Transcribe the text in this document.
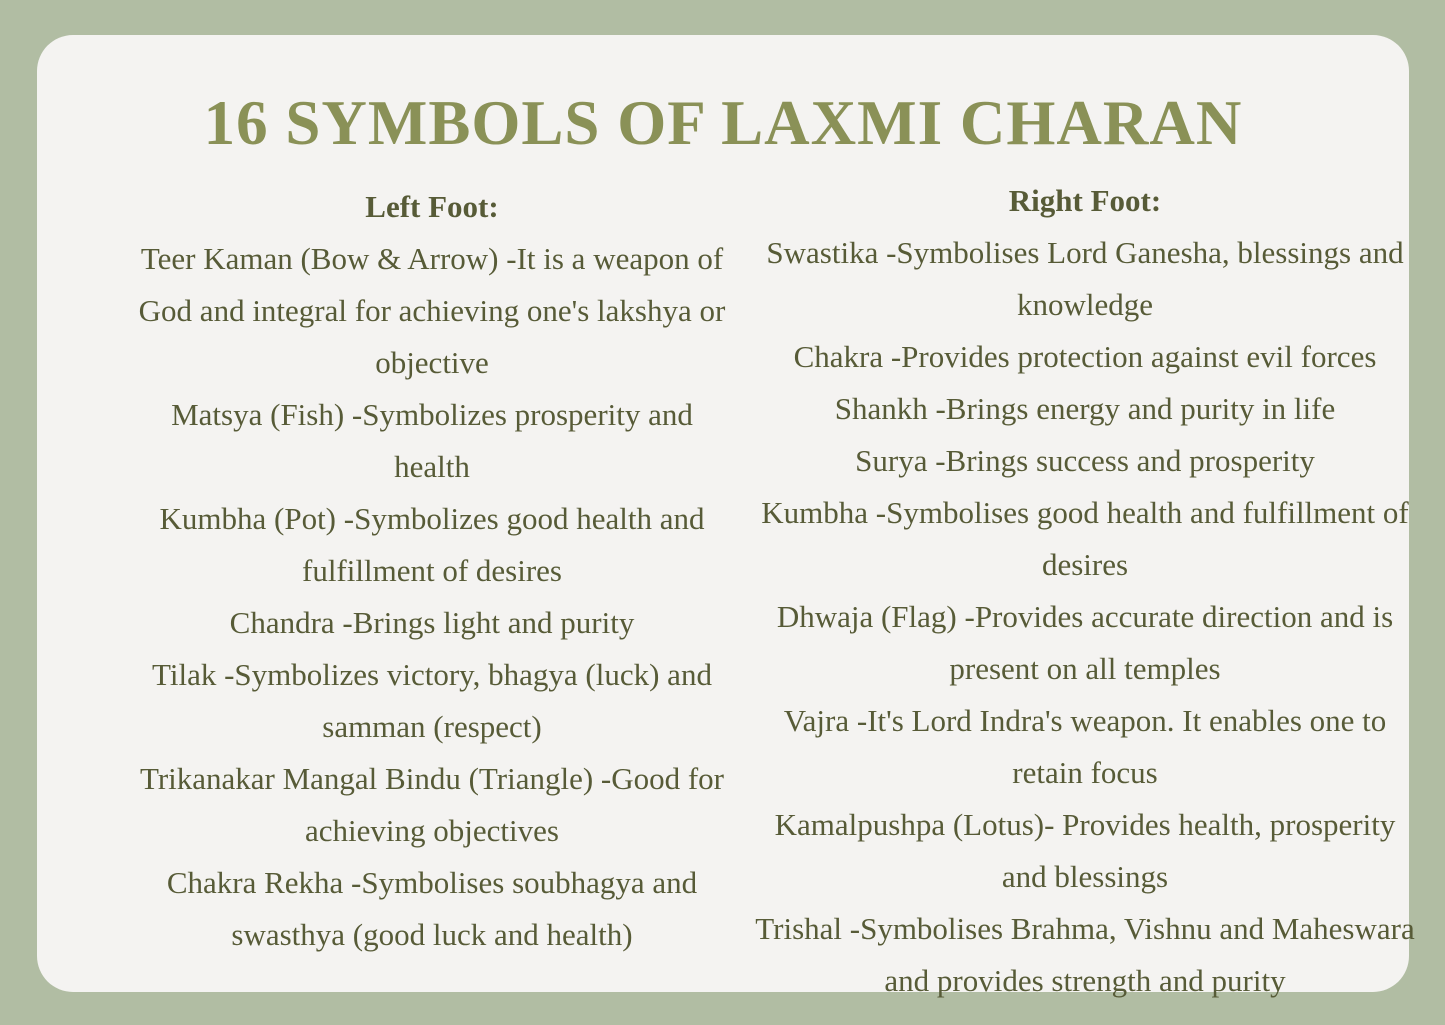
16 SYMBOLS OF LAXMI CHARAN
Left Foot:

Teer Kaman (Bow & Arrow) -It is a weapon of God and integral for achieving one's lakshya or objective

Matsya (Fish) -Symbolizes prosperity and health

Kumbha (Pot) -Symbolizes good health and fulfillment of desires

Chandra -Brings light and purity

Tilak -Symbolizes victory, bhagya (luck) and samman (respect)

Trikanakar Mangal Bindu (Triangle) -Good for achieving objectives

Chakra Rekha -Symbolises soubhagya and swasthya (good luck and health)

Right Foot:

Swastika -Symbolises Lord Ganesha, blessings and knowledge

Chakra -Provides protection against evil forces

Shankh -Brings energy and purity in life

Surya -Brings success and prosperity

Kumbha -Symbolises good health and fulfillment of desires

Dhwaja (Flag) -Provides accurate direction and is present on all temples

Vajra -It's Lord Indra's weapon. It enables one to retain focus

Kamalpushpa (Lotus)- Provides health, prosperity and blessings

Trishal -Symbolises Brahma, Vishnu and Maheswara and provides strength and purity
